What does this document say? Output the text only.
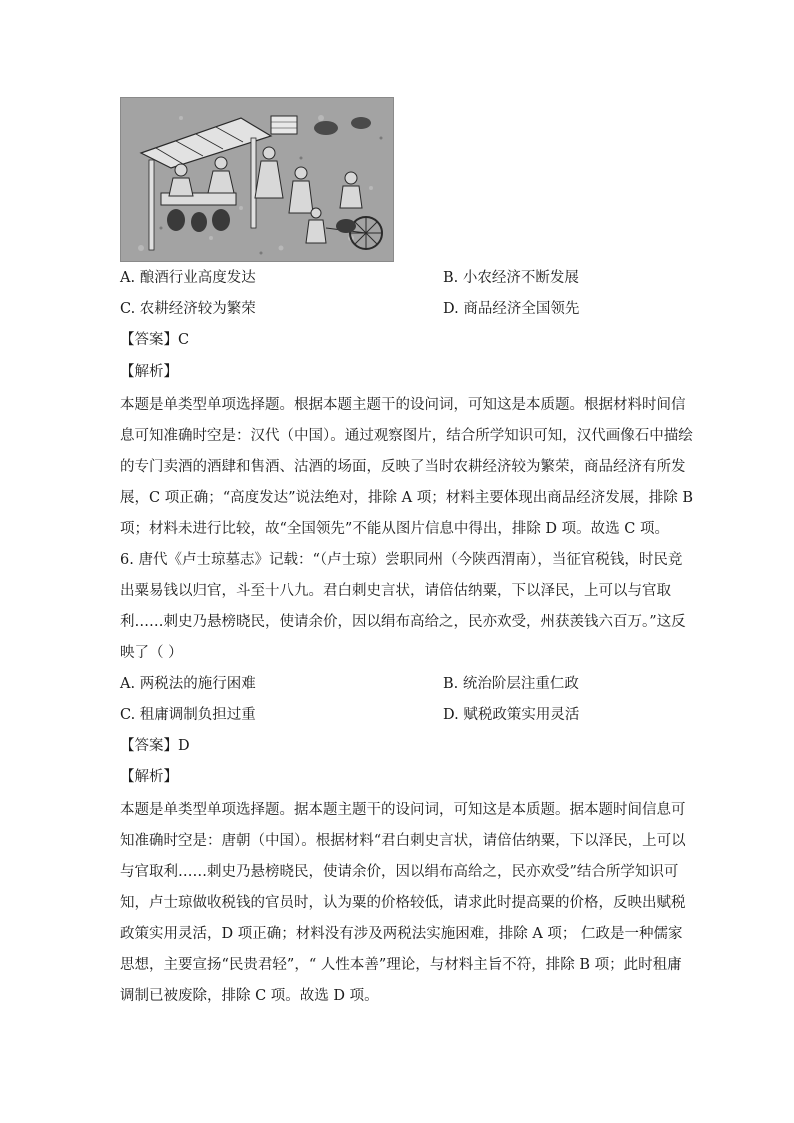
A. 酿酒行业高度发达	B. 小农经济不断发展
C. 农耕经济较为繁荣	D. 商品经济全国领先
【答案】C
【解析】
本题是单类型单项选择题。根据本题主题干的设问词，可知这是本质题。根据材料时间信
息可知准确时空是：汉代（中国）。通过观察图片，结合所学知识可知，汉代画像石中描绘
的专门卖酒的酒肆和售酒、沽酒的场面，反映了当时农耕经济较为繁荣，商品经济有所发
展，C 项正确；“高度发达”说法绝对，排除 A 项；材料主要体现出商品经济发展，排除 B
项；材料未进行比较，故“全国领先”不能从图片信息中得出，排除 D 项。故选 C 项。
6. 唐代《卢士琼墓志》记载：“（卢士琼）尝职同州（今陕西渭南），当征官税钱，时民竞
出粟易钱以归官，斗至十八九。君白刺史言状，请倍估纳粟，下以泽民，上可以与官取
利……刺史乃悬榜晓民，使请余价，因以绢布高给之，民亦欢受，州获羡钱六百万。”这反
映了（ ）
A. 两税法的施行困难	B. 统治阶层注重仁政
C. 租庸调制负担过重	D. 赋税政策实用灵活
【答案】D
【解析】
本题是单类型单项选择题。据本题主题干的设问词，可知这是本质题。据本题时间信息可
知准确时空是：唐朝（中国）。根据材料“君白刺史言状，请倍估纳粟，下以泽民，上可以
与官取利……刺史乃悬榜晓民，使请余价，因以绢布高给之，民亦欢受”结合所学知识可
知，卢士琼做收税钱的官员时，认为粟的价格较低，请求此时提高粟的价格，反映出赋税
政策实用灵活，D 项正确；材料没有涉及两税法实施困难，排除 A 项； 仁政是一种儒家
思想，主要宣扬“民贵君轻”，“ 人性本善”理论，与材料主旨不符，排除 B 项；此时租庸
调制已被废除，排除 C 项。故选 D 项。
